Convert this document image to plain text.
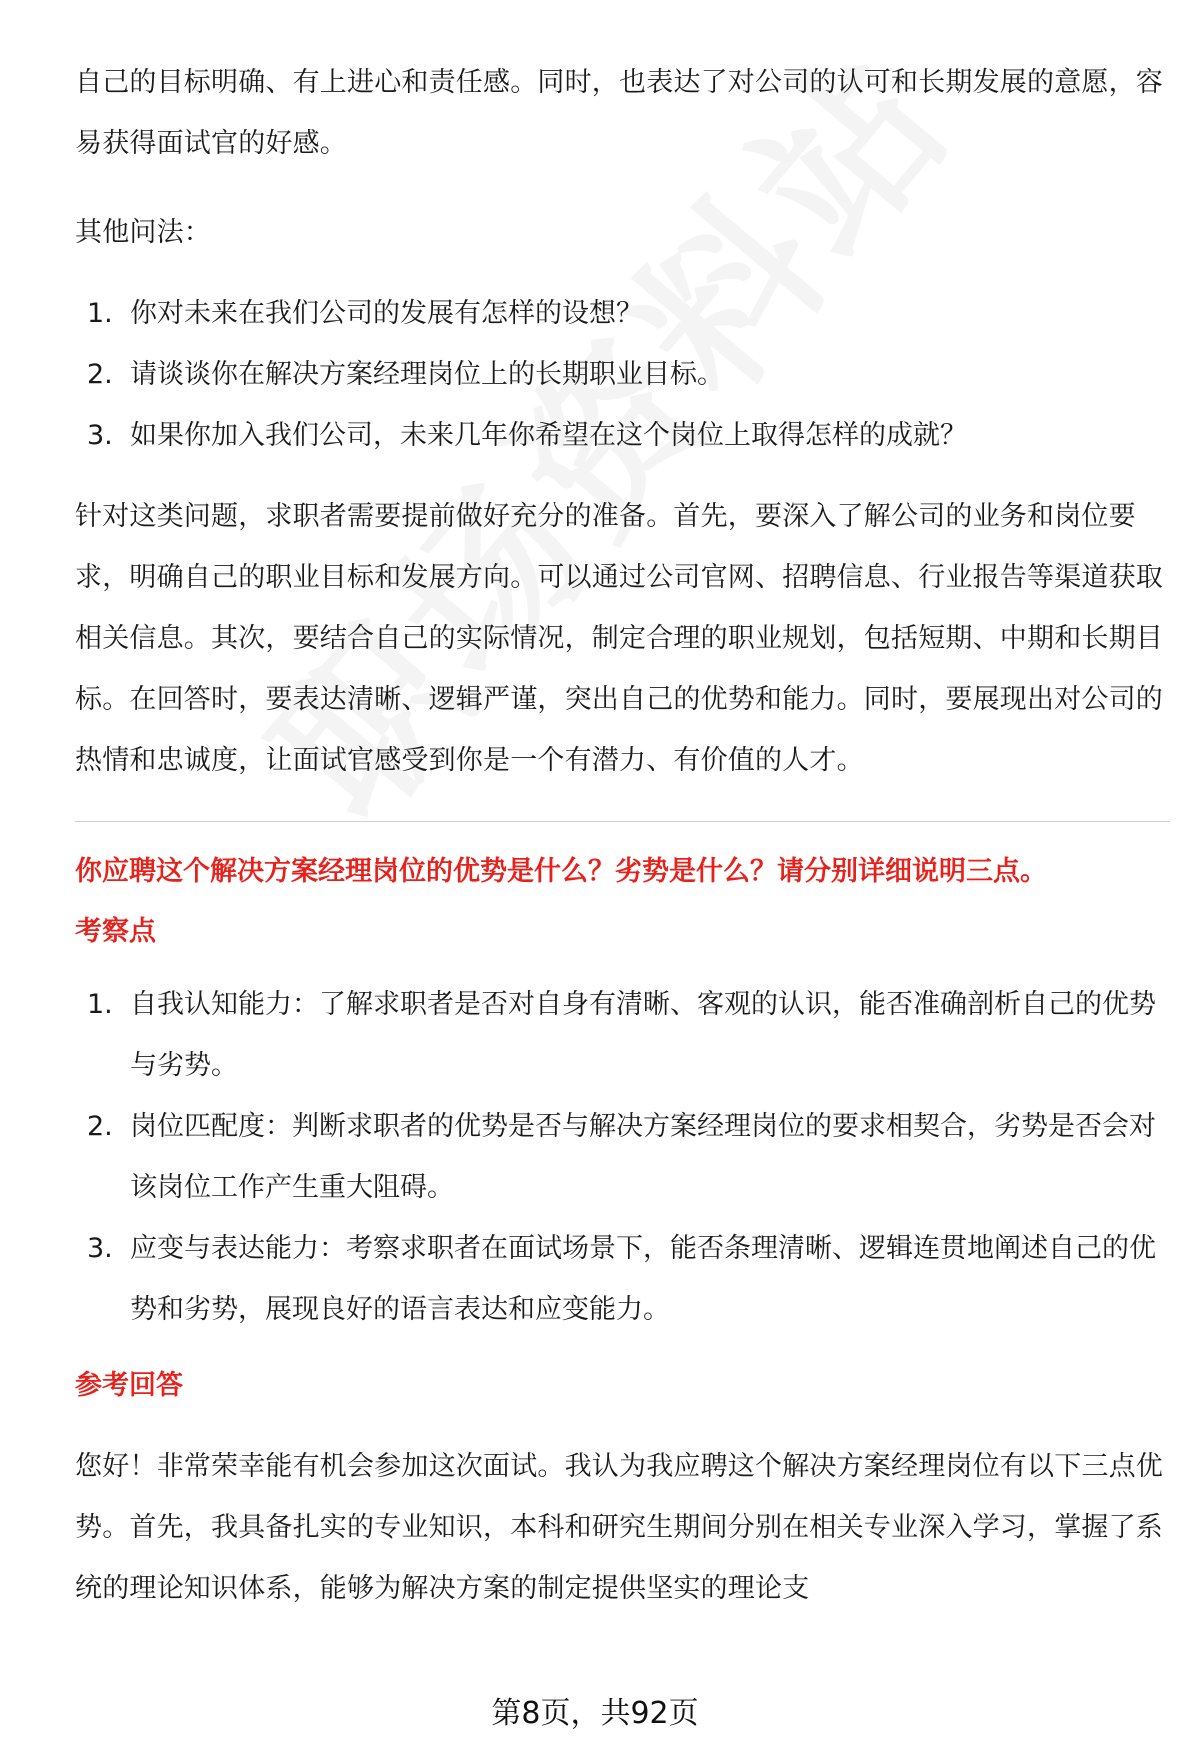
自己的目标明确、有上进心和责任感。同时，也表达了对公司的认可和长期发展的意愿，容易获得面试官的好感。

其他问法：

1. 你对未来在我们公司的发展有怎样的设想？
2. 请谈谈你在解决方案经理岗位上的长期职业目标。
3. 如果你加入我们公司，未来几年你希望在这个岗位上取得怎样的成就？

针对这类问题，求职者需要提前做好充分的准备。首先，要深入了解公司的业务和岗位要求，明确自己的职业目标和发展方向。可以通过公司官网、招聘信息、行业报告等渠道获取相关信息。其次，要结合自己的实际情况，制定合理的职业规划，包括短期、中期和长期目标。在回答时，要表达清晰、逻辑严谨，突出自己的优势和能力。同时，要展现出对公司的热情和忠诚度，让面试官感受到你是一个有潜力、有价值的人才。

你应聘这个解决方案经理岗位的优势是什么？劣势是什么？请分别详细说明三点。

考察点

1. 自我认知能力：了解求职者是否对自身有清晰、客观的认识，能否准确剖析自己的优势与劣势。
2. 岗位匹配度：判断求职者的优势是否与解决方案经理岗位的要求相契合，劣势是否会对该岗位工作产生重大阻碍。
3. 应变与表达能力：考察求职者在面试场景下，能否条理清晰、逻辑连贯地阐述自己的优势和劣势，展现良好的语言表达和应变能力。

参考回答

您好！非常荣幸能有机会参加这次面试。我认为我应聘这个解决方案经理岗位有以下三点优势。首先，我具备扎实的专业知识，本科和研究生期间分别在相关专业深入学习，掌握了系统的理论知识体系，能够为解决方案的制定提供坚实的理论支

第8页，共92页
